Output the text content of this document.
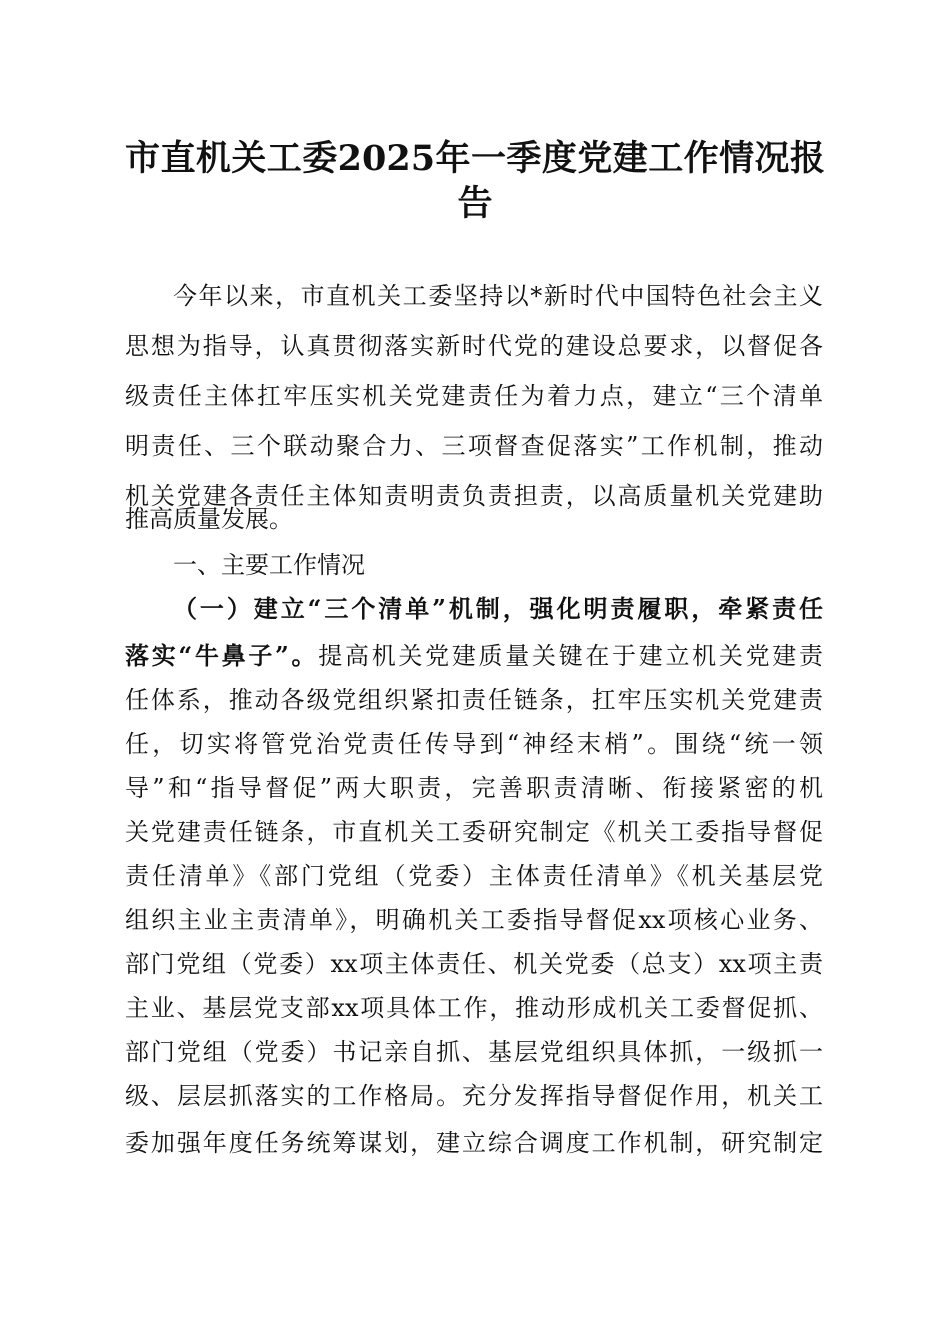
市直机关工委2025年一季度党建工作情况报告
今年以来，市直机关工委坚持以*新时代中国特色社会主义
思想为指导，认真贯彻落实新时代党的建设总要求，以督促各
级责任主体扛牢压实机关党建责任为着力点，建立“三个清单
明责任、三个联动聚合力、三项督查促落实”工作机制，推动
机关党建各责任主体知责明责负责担责，以高质量机关党建助
推高质量发展。
一、主要工作情况
（一）建立“三个清单”机制，强化明责履职，牵紧责任
落实“牛鼻子”。提高机关党建质量关键在于建立机关党建责
任体系，推动各级党组织紧扣责任链条，扛牢压实机关党建责
任，切实将管党治党责任传导到“神经末梢”。围绕“统一领
导”和“指导督促”两大职责，完善职责清晰、衔接紧密的机
关党建责任链条，市直机关工委研究制定《机关工委指导督促
责任清单》《部门党组（党委）主体责任清单》《机关基层党
组织主业主责清单》，明确机关工委指导督促xx项核心业务、
部门党组（党委）xx项主体责任、机关党委（总支）xx项主责
主业、基层党支部xx项具体工作，推动形成机关工委督促抓、
部门党组（党委）书记亲自抓、基层党组织具体抓，一级抓一
级、层层抓落实的工作格局。充分发挥指导督促作用，机关工
委加强年度任务统筹谋划，建立综合调度工作机制，研究制定
